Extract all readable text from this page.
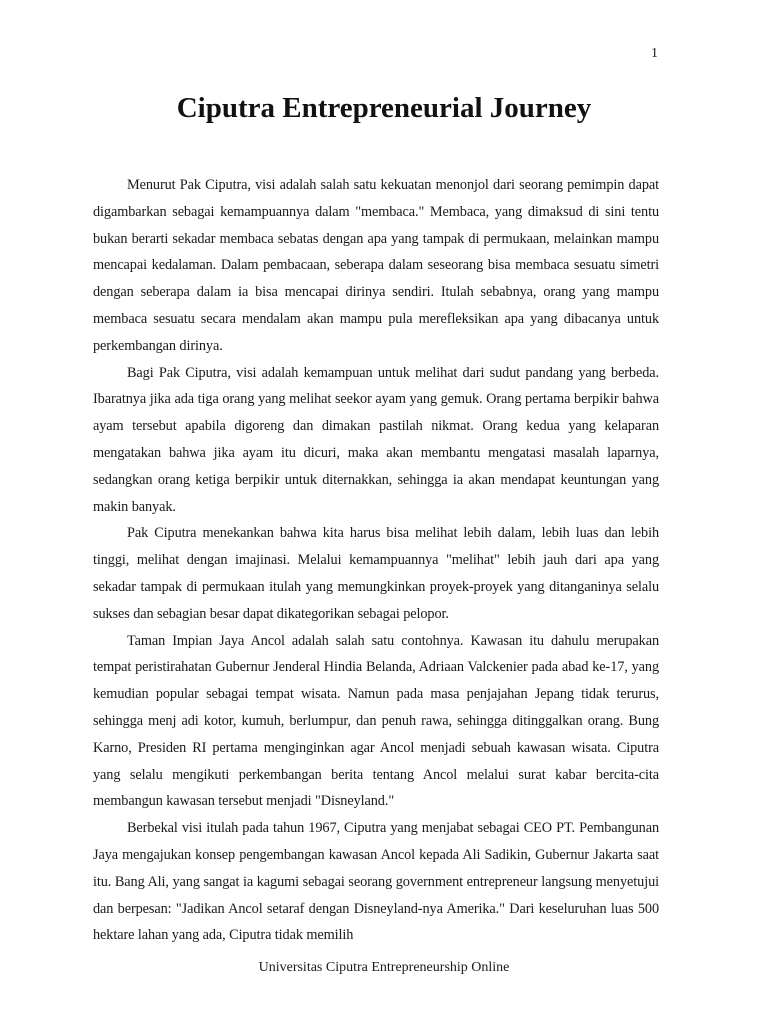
1
Ciputra Entrepreneurial Journey

Menurut Pak Ciputra, visi adalah salah satu kekuatan menonjol dari seorang pemimpin dapat digambarkan sebagai kemampuannya dalam "membaca." Membaca, yang dimaksud di sini tentu bukan berarti sekadar membaca sebatas dengan apa yang tampak di permukaan, melainkan mampu mencapai kedalaman. Dalam pembacaan, seberapa dalam seseorang bisa membaca sesuatu simetri dengan seberapa dalam ia bisa mencapai dirinya sendiri. Itulah sebabnya, orang yang mampu membaca sesuatu secara mendalam akan mampu pula merefleksikan apa yang dibacanya untuk perkembangan dirinya.

Bagi Pak Ciputra, visi adalah kemampuan untuk melihat dari sudut pandang yang berbeda. Ibaratnya jika ada tiga orang yang melihat seekor ayam yang gemuk. Orang pertama berpikir bahwa ayam tersebut apabila digoreng dan dimakan pastilah nikmat. Orang kedua yang kelaparan mengatakan bahwa jika ayam itu dicuri, maka akan membantu mengatasi masalah laparnya, sedangkan orang ketiga berpikir untuk diternakkan, sehingga ia akan mendapat keuntungan yang makin banyak.

Pak Ciputra menekankan bahwa kita harus bisa melihat lebih dalam, lebih luas dan lebih tinggi, melihat dengan imajinasi. Melalui kemampuannya "melihat" lebih jauh dari apa yang sekadar tampak di permukaan itulah yang memungkinkan proyek-proyek yang ditanganinya selalu sukses dan sebagian besar dapat dikategorikan sebagai pelopor.

Taman Impian Jaya Ancol adalah salah satu contohnya. Kawasan itu dahulu merupakan tempat peristirahatan Gubernur Jenderal Hindia Belanda, Adriaan Valckenier pada abad ke-17, yang kemudian popular sebagai tempat wisata. Namun pada masa penjajahan Jepang tidak terurus, sehingga menj adi kotor, kumuh, berlumpur, dan penuh rawa, sehingga ditinggalkan orang. Bung Karno, Presiden RI pertama menginginkan agar Ancol menjadi sebuah kawasan wisata. Ciputra yang selalu mengikuti perkembangan berita tentang Ancol melalui surat kabar bercita-cita membangun kawasan tersebut menjadi "Disneyland."

Berbekal visi itulah pada tahun 1967, Ciputra yang menjabat sebagai CEO PT. Pembangunan Jaya mengajukan konsep pengembangan kawasan Ancol kepada Ali Sadikin, Gubernur Jakarta saat itu. Bang Ali, yang sangat ia kagumi sebagai seorang government entrepreneur langsung menyetujui dan berpesan: "Jadikan Ancol setaraf dengan Disneyland-nya Amerika." Dari keseluruhan luas 500 hektare lahan yang ada, Ciputra tidak memilih

Universitas Ciputra Entrepreneurship Online
